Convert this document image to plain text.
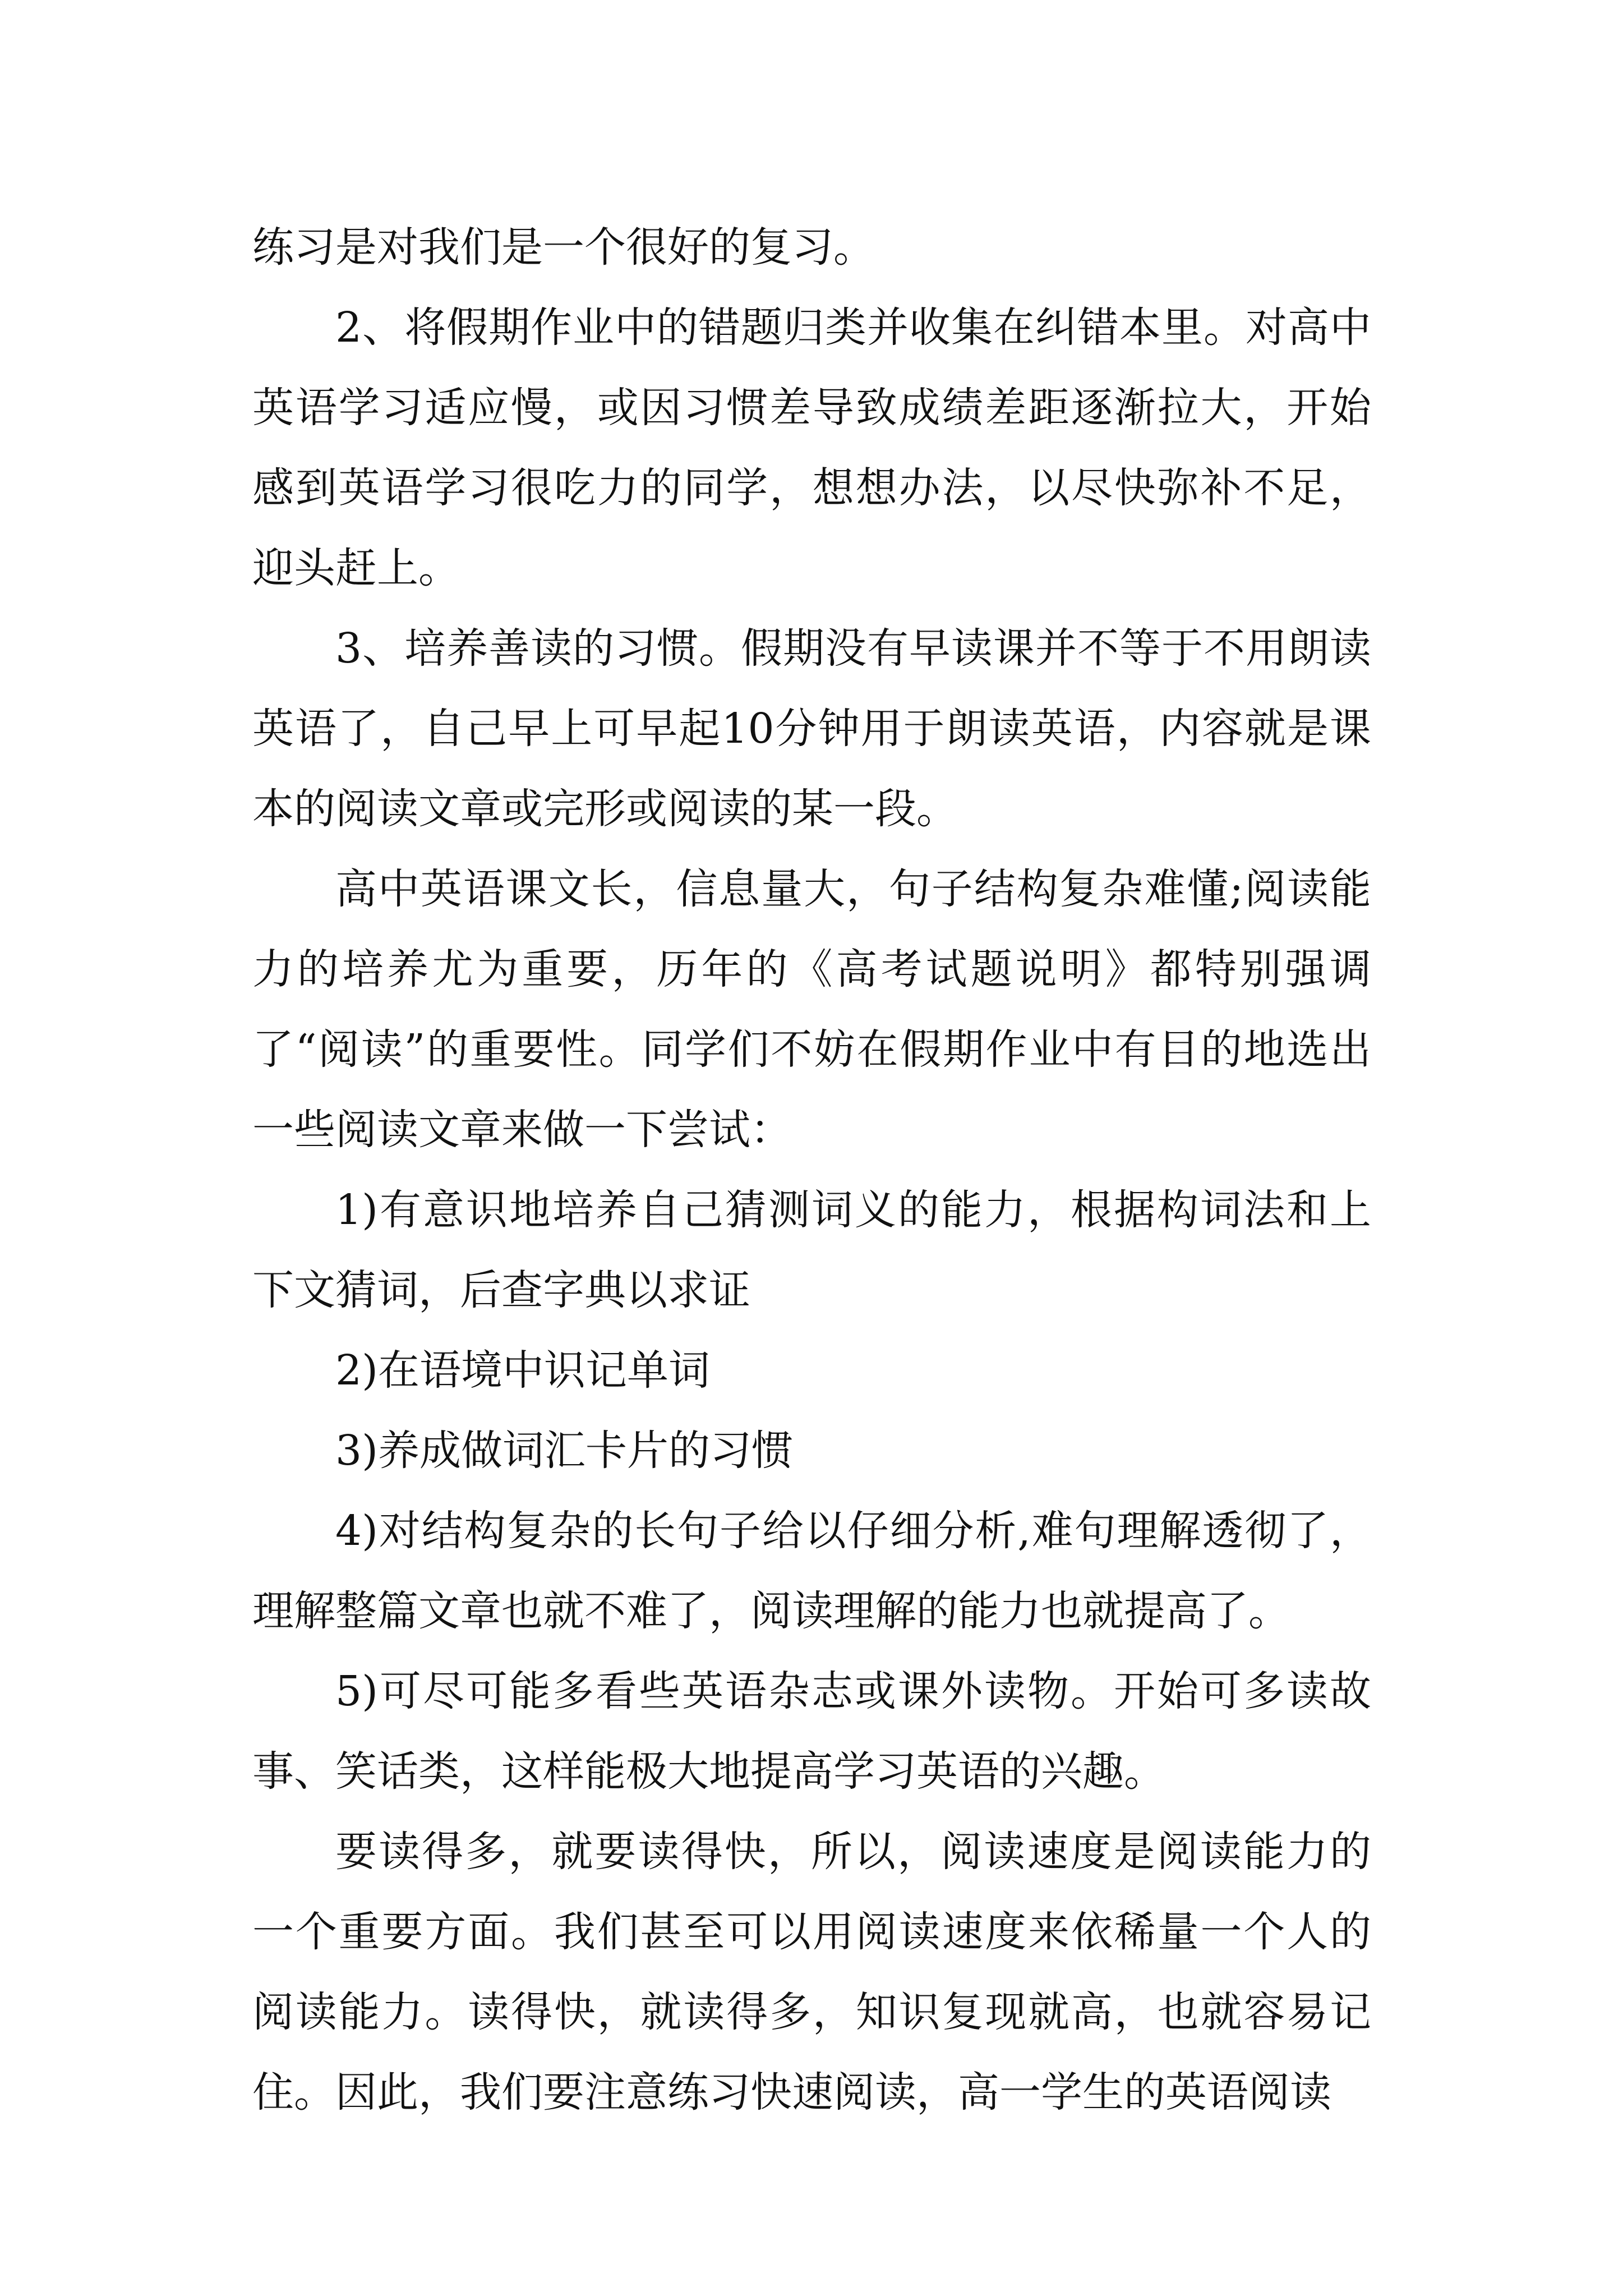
练习是对我们是一个很好的复习。

2、将假期作业中的错题归类并收集在纠错本里。对高中英语学习适应慢，或因习惯差导致成绩差距逐渐拉大，开始感到英语学习很吃力的同学，想想办法，以尽快弥补不足，迎头赶上。

3、培养善读的习惯。假期没有早读课并不等于不用朗读英语了，自己早上可早起10分钟用于朗读英语，内容就是课本的阅读文章或完形或阅读的某一段。

高中英语课文长，信息量大，句子结构复杂难懂;阅读能力的培养尤为重要，历年的《高考试题说明》都特别强调了“阅读”的重要性。同学们不妨在假期作业中有目的地选出一些阅读文章来做一下尝试：

1)有意识地培养自己猜测词义的能力，根据构词法和上下文猜词，后查字典以求证

2)在语境中识记单词

3)养成做词汇卡片的习惯

4)对结构复杂的长句子给以仔细分析,难句理解透彻了，理解整篇文章也就不难了，阅读理解的能力也就提高了。

5)可尽可能多看些英语杂志或课外读物。开始可多读故事、笑话类，这样能极大地提高学习英语的兴趣。

要读得多，就要读得快，所以，阅读速度是阅读能力的一个重要方面。我们甚至可以用阅读速度来依稀量一个人的阅读能力。读得快，就读得多，知识复现就高，也就容易记住。因此，我们要注意练习快速阅读，高一学生的英语阅读
